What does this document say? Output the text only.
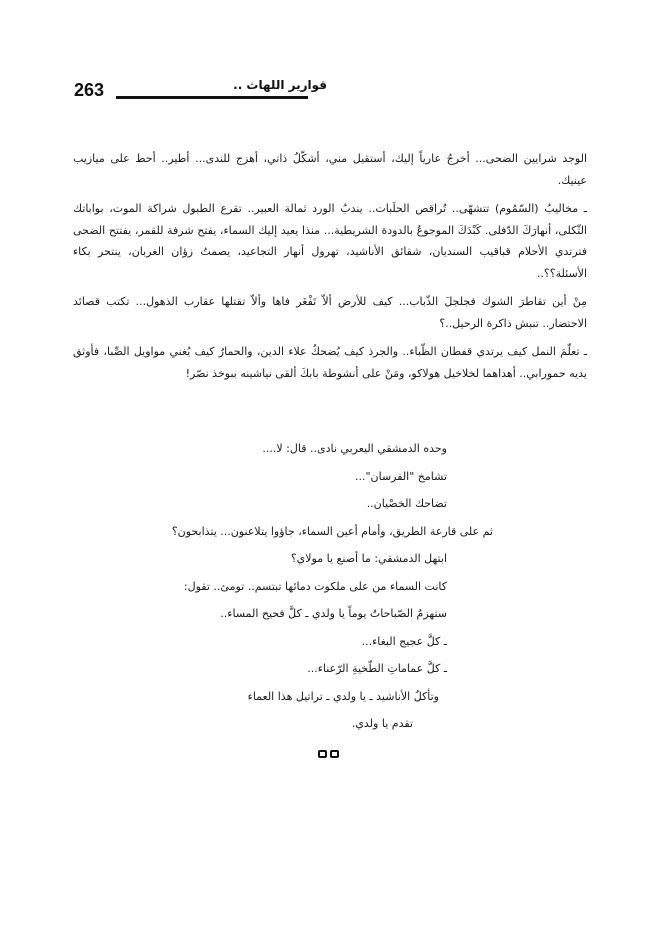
263	قوارير اللهاث ..

الوجد شرايين الضحى... أخرجُ عارياً إليك، أستقيل مني، أشكّلُ ذاتي، أهزج للندى... أطير.. أحط على ميازيب عينيك.

ـ مخاليبُ (السّمُوم) تتشهّى.. تُراقص الحلَبات.. يندبُ الورد ثمالة العبير.. تقرع الطبول شراكة الموت، بواباتك الثّكلى، أنهارَكَ الدّفلى. كَبْدَكَ الموجوعُ بالدودة الشريطية... منذا يعيد إليك السماء، يفتح شرفة للقمر، يفتتح الضحى فترتدي الأحلام قباقيب السنديان، شقائق الأناشيد، تهرول أنهار التجاعيد، يصمتُ زؤان الغربان، ينتحر بكاء الأسئلة؟؟..

مِنْ أين تقاطرَ الشوك فجلجلَ الذّباب... كيف للأرض ألاّ تَفْغَر فاها وألاّ تقتلها عقارب الذهول... تكتب قصائد الاحتضار.. تنبش ذاكرة الرحيل..؟

ـ تعلّمَ النمل كيف يرتدي قفطان الظّباء.. والجرذ كيف يُضحكُ علاء الدين، والحمارُ كيف يُغني مواويل الصِّبا، فأوثق يديه حمورابي.. أهداهما لخلاخيل هولاكو، ومَنْ على أنشوطة بابكَ ألقى نياشينه ببوخذ نصّر!

وحده الدمشقي اليعربي نادى.. قال: لا....
تشامخ "الفرسان"...
تضاحك الخصْيان..
ثم على قارعة الطريق، وأمام أعين السماء، جاؤوا يتلاعنون... يتذابحون؟
ابتهل الدمشقي: ما أصنع يا مولاي؟
كانت السماء من على ملكوت دمائها تبتسم.. تومئ.. تقول:
ستهزمُ الصّباحاتُ يوماً يا ولدي ـ كلَّ فحيح المساء..
ـ كلَّ عجيج البغاء...
ـ كلَّ عماماتِ الطّخيةِ الرّعناء...
وتأكلُ الأناشيد ـ يا ولدي ـ تراتيل هذا العماء
تقدم يا ولدي.
